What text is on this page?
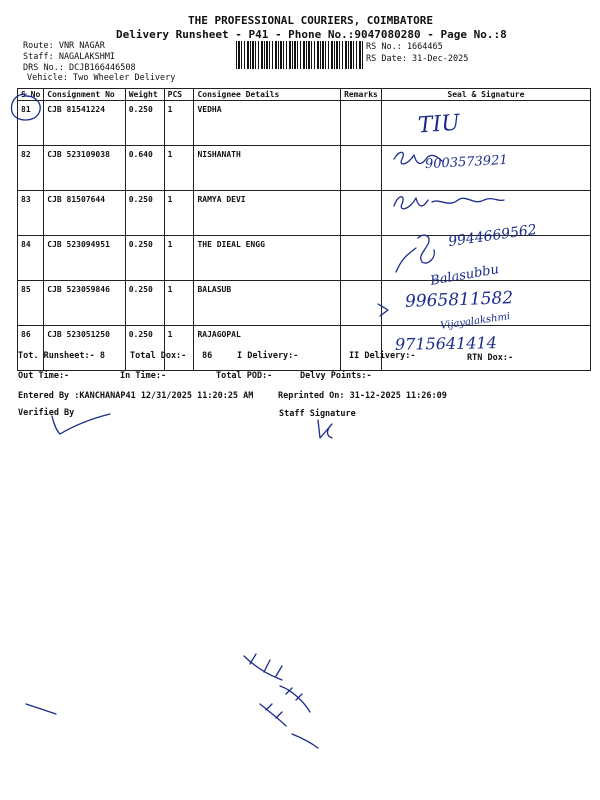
THE PROFESSIONAL COURIERS, COIMBATORE
Delivery Runsheet - P41 - Phone No.:9047080280 - Page No.:8
Route: VNR NAGAR
Staff: NAGALAKSHMI
DRS No.: DCJB166446508
Vehicle: Two Wheeler Delivery
RS No.: 1664465
RS Date: 31-Dec-2025
S.No	Consignment No	Weight	PCS	Consignee Details	Remarks	Seal & Signature
81	CJB 81541224	0.250	1	VEDHA		
82	CJB 523109038	0.640	1	NISHANATH		
83	CJB 81507644	0.250	1	RAMYA DEVI		
84	CJB 523094951	0.250	1	THE DIEAL ENGG		
85	CJB 523059846	0.250	1	BALASUB		
86	CJB 523051250	0.250	1	RAJAGOPAL		
Tot. Runsheet:- 8	Total Dox:- 86	I Delivery:-	II Delivery:-	RTN Dox:-
Out Time:-	In Time:-	Total POD:-	Delvy Points:-
Entered By :KANCHANAP41 12/31/2025 11:20:25 AM	Reprinted On: 31-12-2025 11:26:09
Verified By	Staff Signature
TIU
9003573921
9944669562
Balasubbu
9965811582
Vijayalakshmi
9715641414
